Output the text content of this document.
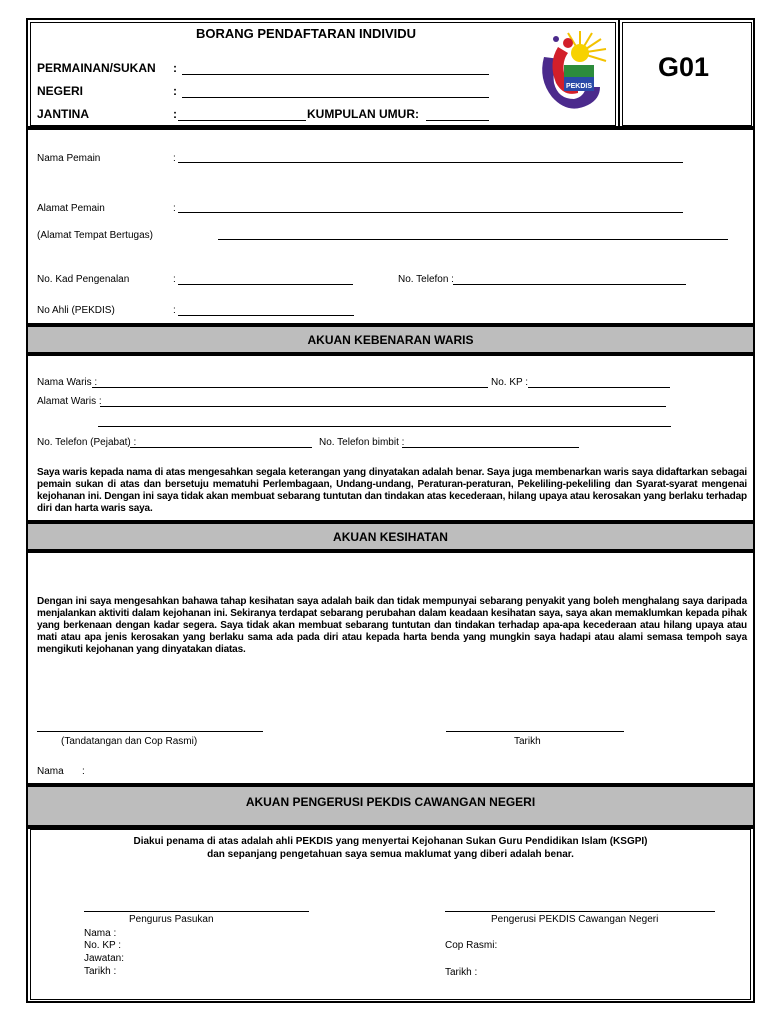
BORANG PENDAFTARAN INDIVIDU
G01
PERMAINAN/SUKAN :
NEGERI	:
JANTINA	:	KUMPULAN UMUR:
PEKDIS
Nama Pemain	:
Alamat Pemain	:
(Alamat Tempat Bertugas)
No. Kad Pengenalan	:	No. Telefon :
No Ahli (PEKDIS)	:
AKUAN KEBENARAN WARIS
Nama Waris :	No. KP :
Alamat Waris :
No. Telefon (Pejabat) :	No. Telefon bimbit :
Saya waris kepada nama di atas mengesahkan segala keterangan yang dinyatakan adalah benar. Saya juga membenarkan waris saya didaftarkan sebagai pemain sukan di atas dan bersetuju mematuhi Perlembagaan, Undang-undang, Peraturan-peraturan, Pekeliling-pekeliling dan Syarat-syarat mengenai kejohanan ini. Dengan ini saya tidak akan membuat sebarang tuntutan dan tindakan atas kecederaan, hilang upaya atau kerosakan yang berlaku terhadap diri dan harta waris saya.
AKUAN KESIHATAN
Dengan ini saya mengesahkan bahawa tahap kesihatan saya adalah baik dan tidak mempunyai sebarang penyakit yang boleh menghalang saya daripada menjalankan aktiviti dalam kejohanan ini. Sekiranya terdapat sebarang perubahan dalam keadaan kesihatan saya, saya akan memaklumkan kepada pihak yang berkenaan dengan kadar segera. Saya tidak akan membuat sebarang tuntutan dan tindakan terhadap apa-apa kecederaan atau hilang upaya atau mati atau apa jenis kerosakan yang berlaku sama ada pada diri atau kepada harta benda yang mungkin saya hadapi atau alami semasa tempoh saya mengikuti kejohanan yang dinyatakan diatas.
(Tandatangan dan Cop Rasmi)	Tarikh
Nama :
AKUAN PENGERUSI PEKDIS CAWANGAN NEGERI
Diakui penama di atas adalah ahli PEKDIS yang menyertai Kejohanan Sukan Guru Pendidikan Islam (KSGPI)
dan sepanjang pengetahuan saya semua maklumat yang diberi adalah benar.
Pengurus Pasukan
Nama :
No. KP :
Jawatan:
Tarikh :
Pengerusi PEKDIS Cawangan Negeri
Cop Rasmi:
Tarikh :
